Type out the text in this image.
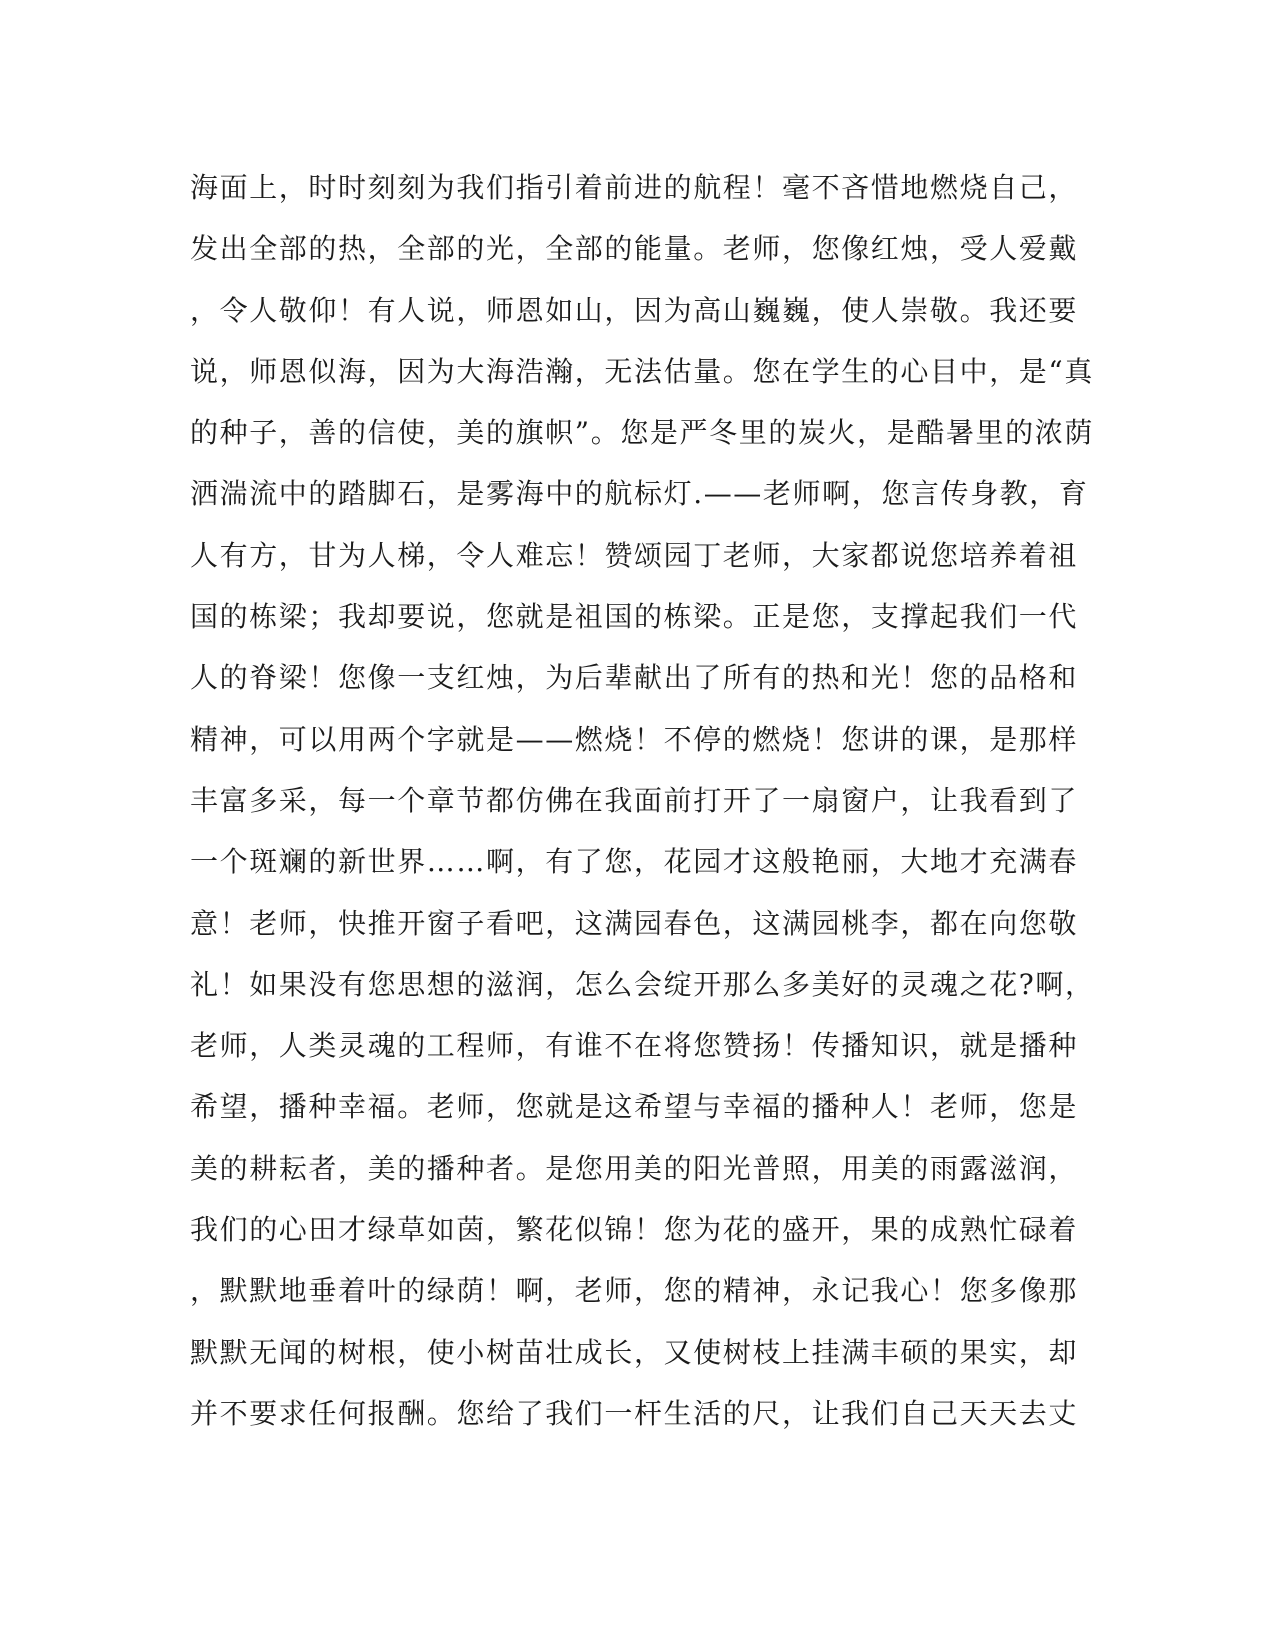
海面上，时时刻刻为我们指引着前进的航程！毫不吝惜地燃烧自己，
发出全部的热，全部的光，全部的能量。老师，您像红烛，受人爱戴
，令人敬仰！有人说，师恩如山，因为高山巍巍，使人崇敬。我还要
说，师恩似海，因为大海浩瀚，无法估量。您在学生的心目中，是“真
的种子，善的信使，美的旗帜”。您是严冬里的炭火，是酷暑里的浓荫
洒湍流中的踏脚石，是雾海中的航标灯.——老师啊，您言传身教，育
人有方，甘为人梯，令人难忘！赞颂园丁老师，大家都说您培养着祖
国的栋梁；我却要说，您就是祖国的栋梁。正是您，支撑起我们一代
人的脊梁！您像一支红烛，为后辈献出了所有的热和光！您的品格和
精神，可以用两个字就是——燃烧！不停的燃烧！您讲的课，是那样
丰富多采，每一个章节都仿佛在我面前打开了一扇窗户，让我看到了
一个斑斓的新世界……啊，有了您，花园才这般艳丽，大地才充满春
意！老师，快推开窗子看吧，这满园春色，这满园桃李，都在向您敬
礼！如果没有您思想的滋润，怎么会绽开那么多美好的灵魂之花?啊，
老师，人类灵魂的工程师，有谁不在将您赞扬！传播知识，就是播种
希望，播种幸福。老师，您就是这希望与幸福的播种人！老师，您是
美的耕耘者，美的播种者。是您用美的阳光普照，用美的雨露滋润，
我们的心田才绿草如茵，繁花似锦！您为花的盛开，果的成熟忙碌着
，默默地垂着叶的绿荫！啊，老师，您的精神，永记我心！您多像那
默默无闻的树根，使小树苗壮成长，又使树枝上挂满丰硕的果实，却
并不要求任何报酬。您给了我们一杆生活的尺，让我们自己天天去丈
